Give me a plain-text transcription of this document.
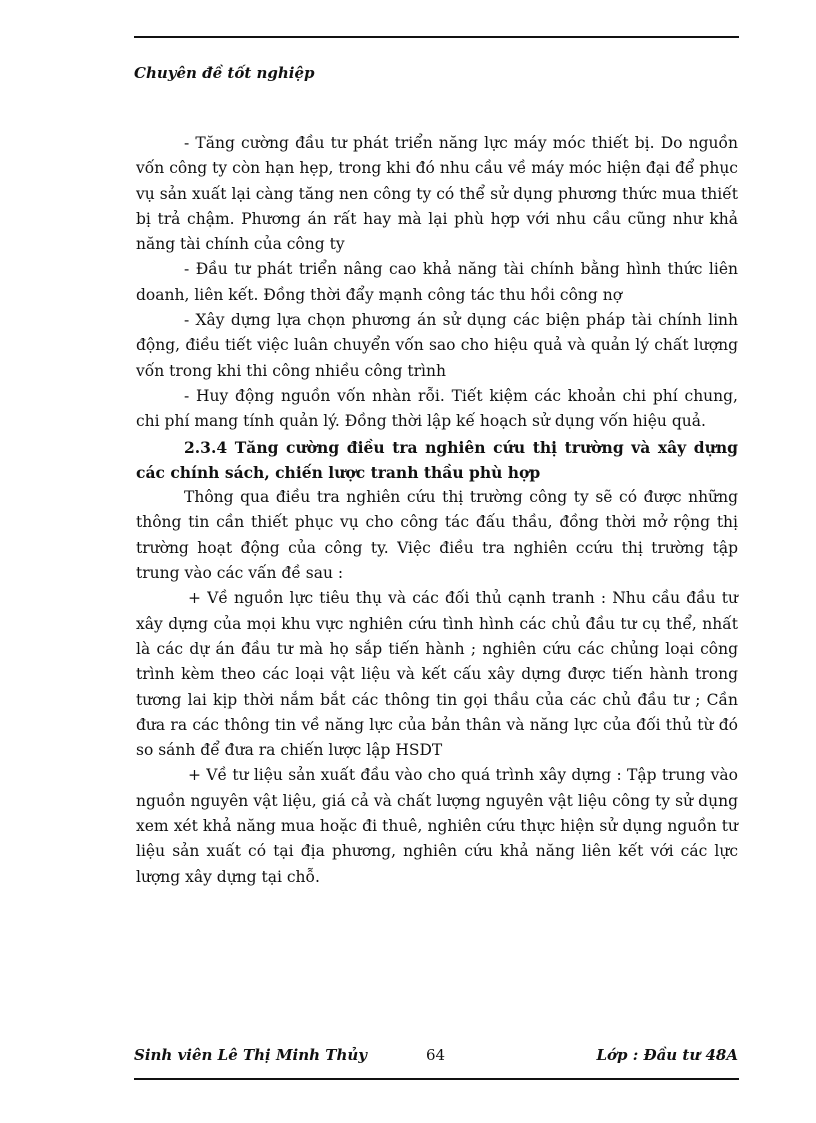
Chuyên đề tốt nghiệp

- Tăng cường đầu tư phát triển năng lực máy móc thiết bị. Do nguồn vốn công ty còn hạn hẹp, trong khi đó nhu cầu về máy móc hiện đại để phục vụ sản xuất lại càng tăng nen công ty có thể sử dụng phương thức mua thiết bị trả chậm. Phương án rất hay mà lại phù hợp với nhu cầu cũng như khả năng tài chính của công ty

- Đầu tư phát triển nâng cao khả năng tài chính bằng hình thức liên doanh, liên kết. Đồng thời đẩy mạnh công tác thu hồi công nợ

- Xây dựng lựa chọn phương án sử dụng các biện pháp tài chính linh động, điều tiết việc luân chuyển vốn sao cho hiệu quả và quản lý chất lượng vốn trong khi thi công nhiều công trình

- Huy động nguồn vốn nhàn rỗi. Tiết kiệm các khoản chi phí chung, chi phí mang tính quản lý. Đồng thời lập kế hoạch sử dụng vốn hiệu quả.

2.3.4 Tăng cường điều tra nghiên cứu thị trường và xây dựng các chính sách, chiến lược tranh thầu phù hợp

Thông qua điều tra nghiên cứu thị trường công ty sẽ có được những thông tin cần thiết phục vụ cho công tác đấu thầu, đồng thời mở rộng thị trường hoạt động của công ty. Việc điều tra nghiên ccứu thị trường tập trung vào các vấn đề sau :

+ Về nguồn lực tiêu thụ và các đối thủ cạnh tranh : Nhu cầu đầu tư xây dựng của mọi khu vực nghiên cứu tình hình các chủ đầu tư cụ thể, nhất là các dự án đầu tư mà họ sắp tiến hành ; nghiên cứu các chủng loại công trình kèm theo các loại vật liệu và kết cấu xây dựng được tiến hành trong tương lai kịp thời nắm bắt các thông tin gọi thầu của các chủ đầu tư ; Cần đưa ra các thông tin về năng lực của bản thân và năng lực của đối thủ từ đó so sánh để đưa ra chiến lược lập HSDT

+ Về tư liệu sản xuất đầu vào cho quá trình xây dựng : Tập trung vào nguồn nguyên vật liệu, giá cả và chất lượng nguyên vật liệu công ty sử dụng xem xét khả năng mua hoặc đi thuê, nghiên cứu thực hiện sử dụng nguồn tư liệu sản xuất có tại địa phương, nghiên cứu khả năng liên kết với các lực lượng xây dựng tại chỗ.

Sinh viên Lê Thị Minh Thủy	64	Lớp : Đầu tư 48A
